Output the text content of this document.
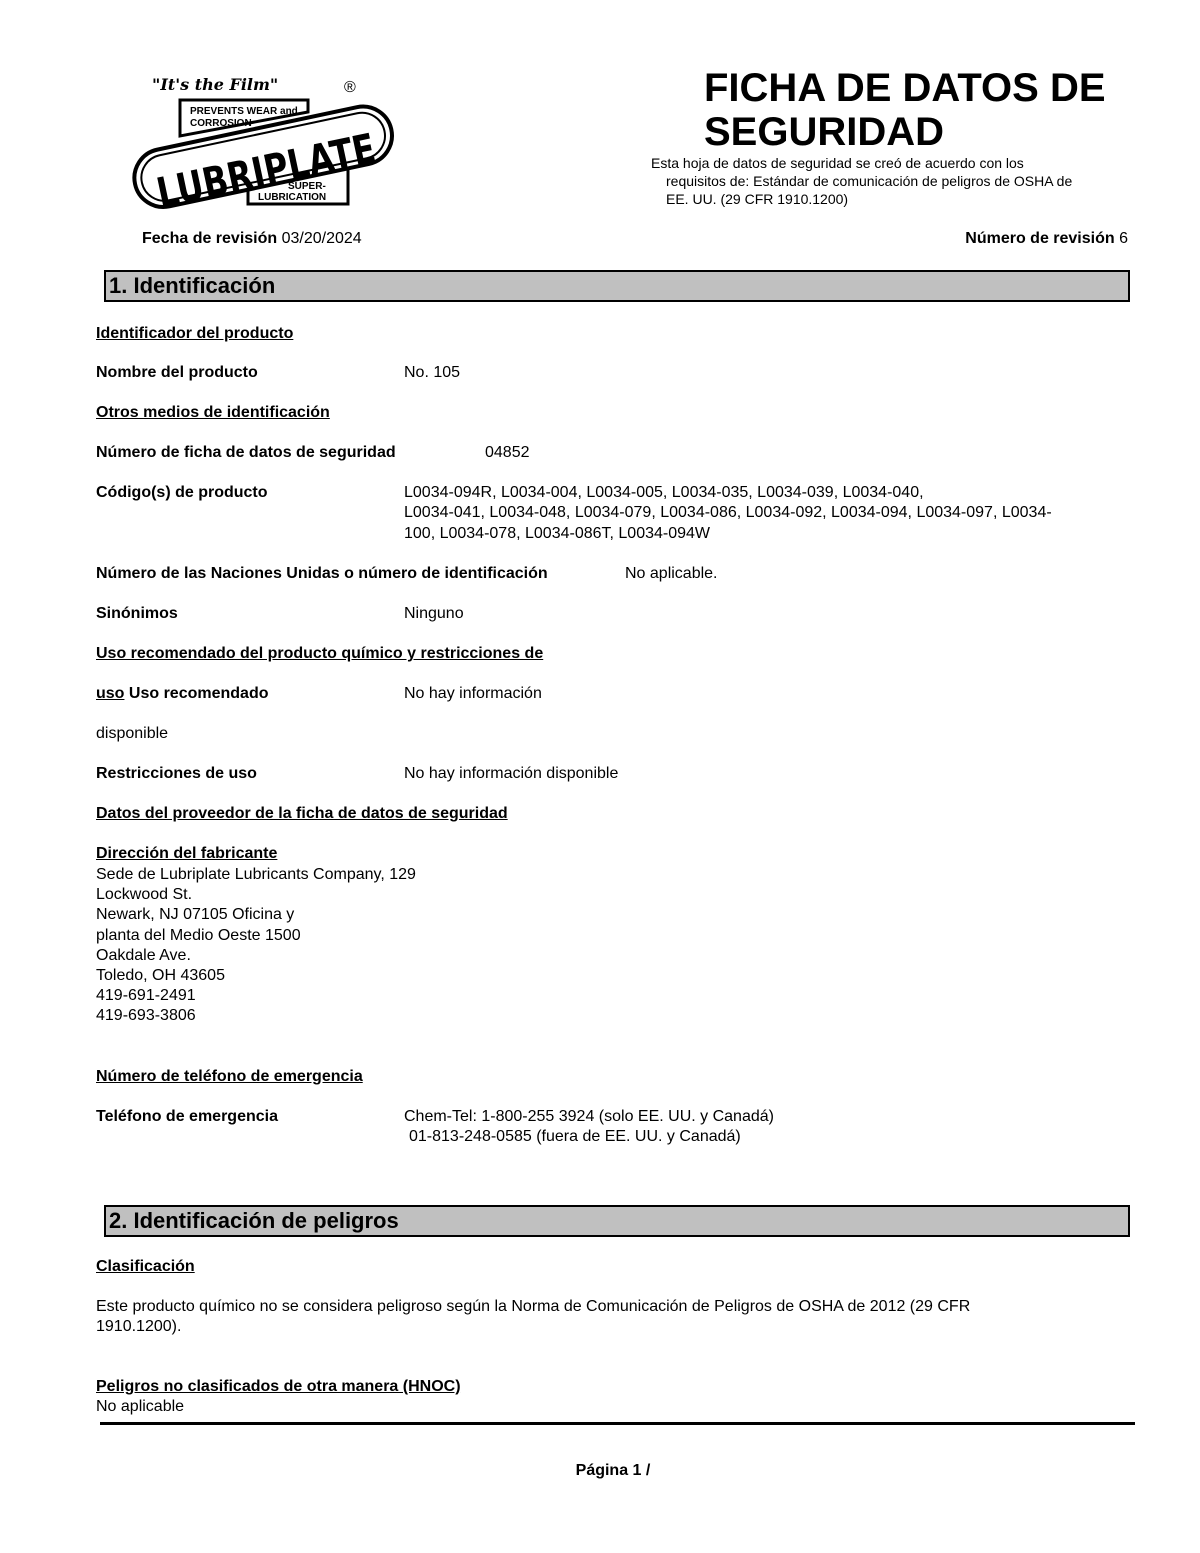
"It's the Film"	®
PREVENTS WEAR and
CORROSION
LUBRIPLATE
SUPER-
LUBRICATION
FICHA DE DATOS DE
SEGURIDAD
Esta hoja de datos de seguridad se creó de acuerdo con los
requisitos de: Estándar de comunicación de peligros de OSHA de
EE. UU. (29 CFR 1910.1200)
Fecha de revisión 03/20/2024	Número de revisión 6
1. Identificación
Identificador del producto
Nombre del producto	No. 105
Otros medios de identificación
Número de ficha de datos de seguridad	04852
Código(s) de producto	L0034-094R, L0034-004, L0034-005, L0034-035, L0034-039, L0034-040,
L0034-041, L0034-048, L0034-079, L0034-086, L0034-092, L0034-094, L0034-097, L0034-
100, L0034-078, L0034-086T, L0034-094W
Número de las Naciones Unidas o número de identificación	No aplicable.
Sinónimos	Ninguno
Uso recomendado del producto químico y restricciones de
uso Uso recomendado	No hay información
disponible
Restricciones de uso	No hay información disponible
Datos del proveedor de la ficha de datos de seguridad
Dirección del fabricante
Sede de Lubriplate Lubricants Company, 129
Lockwood St.
Newark, NJ 07105 Oficina y
planta del Medio Oeste 1500
Oakdale Ave.
Toledo, OH 43605
419-691-2491
419-693-3806
Número de teléfono de emergencia
Teléfono de emergencia	Chem-Tel: 1-800-255 3924 (solo EE. UU. y Canadá)
01-813-248-0585 (fuera de EE. UU. y Canadá)
2. Identificación de peligros
Clasificación
Este producto químico no se considera peligroso según la Norma de Comunicación de Peligros de OSHA de 2012 (29 CFR
1910.1200).
Peligros no clasificados de otra manera (HNOC)
No aplicable
Página 1 /
